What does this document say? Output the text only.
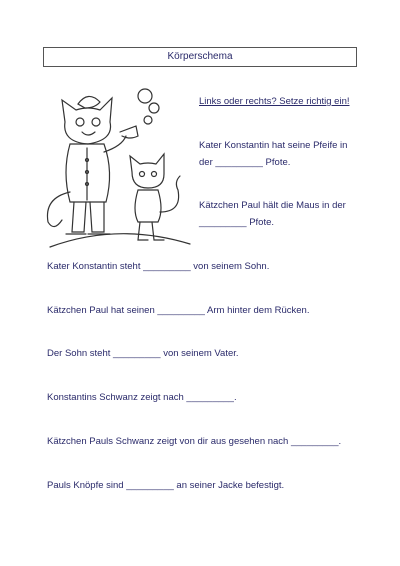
Körperschema
Links oder rechts? Setze richtig ein!
Kater Konstantin hat seine Pfeife in der _________ Pfote.
Kätzchen Paul hält die Maus in der _________ Pfote.
Kater Konstantin steht _________ von seinem Sohn.
Kätzchen Paul hat seinen _________ Arm hinter dem Rücken.
Der Sohn steht _________ von seinem Vater.
Konstantins Schwanz zeigt nach _________.
Kätzchen Pauls Schwanz zeigt von dir aus gesehen nach _________.
Pauls Knöpfe sind _________ an seiner Jacke befestigt.
